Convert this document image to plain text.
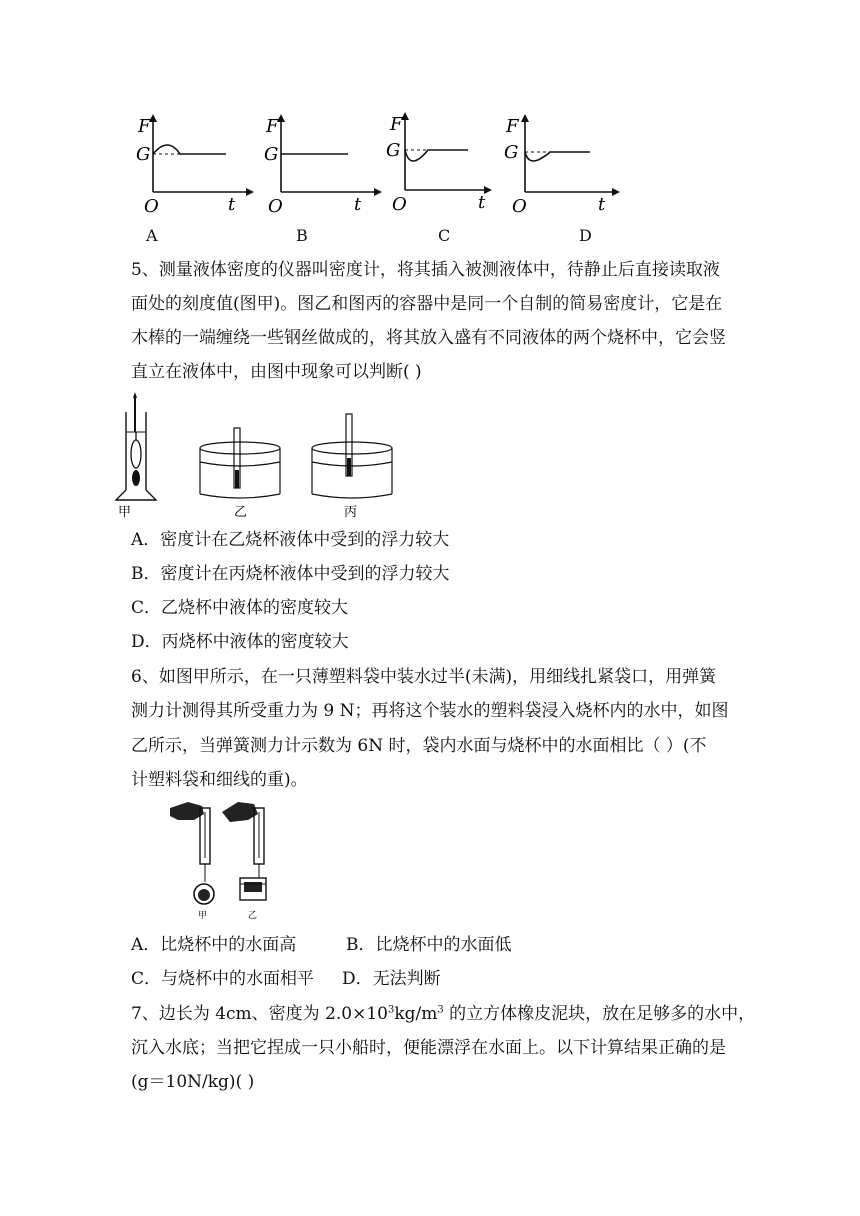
F
G
O	t
F
G
O	t
F
G
O	t
F
G
O	t
A	B	C	D
5、测量液体密度的仪器叫密度计，将其插入被测液体中，待静止后直接读取液
面处的刻度值(图甲)。图乙和图丙的容器中是同一个自制的简易密度计，它是在
木棒的一端缠绕一些钢丝做成的，将其放入盛有不同液体的两个烧杯中，它会竖
直立在液体中，由图中现象可以判断( )
甲	乙	丙
A．密度计在乙烧杯液体中受到的浮力较大
B．密度计在丙烧杯液体中受到的浮力较大
C．乙烧杯中液体的密度较大
D．丙烧杯中液体的密度较大
6、如图甲所示，在一只薄塑料袋中装水过半(未满)，用细线扎紧袋口，用弹簧
测力计测得其所受重力为 9 N；再将这个装水的塑料袋浸入烧杯内的水中，如图
乙所示，当弹簧测力计示数为 6N 时，袋内水面与烧杯中的水面相比（ ）(不
计塑料袋和细线的重)。
甲	乙
A．比烧杯中的水面高	B．比烧杯中的水面低
C．与烧杯中的水面相平 D．无法判断
7、边长为 4cm、密度为 $2.0\times 10^3kg/m^3$ 的立方体橡皮泥块，放在足够多的水中，
沉入水底；当把它捏成一只小船时，便能漂浮在水面上。以下计算结果正确的是
(g＝10N/kg)( )
